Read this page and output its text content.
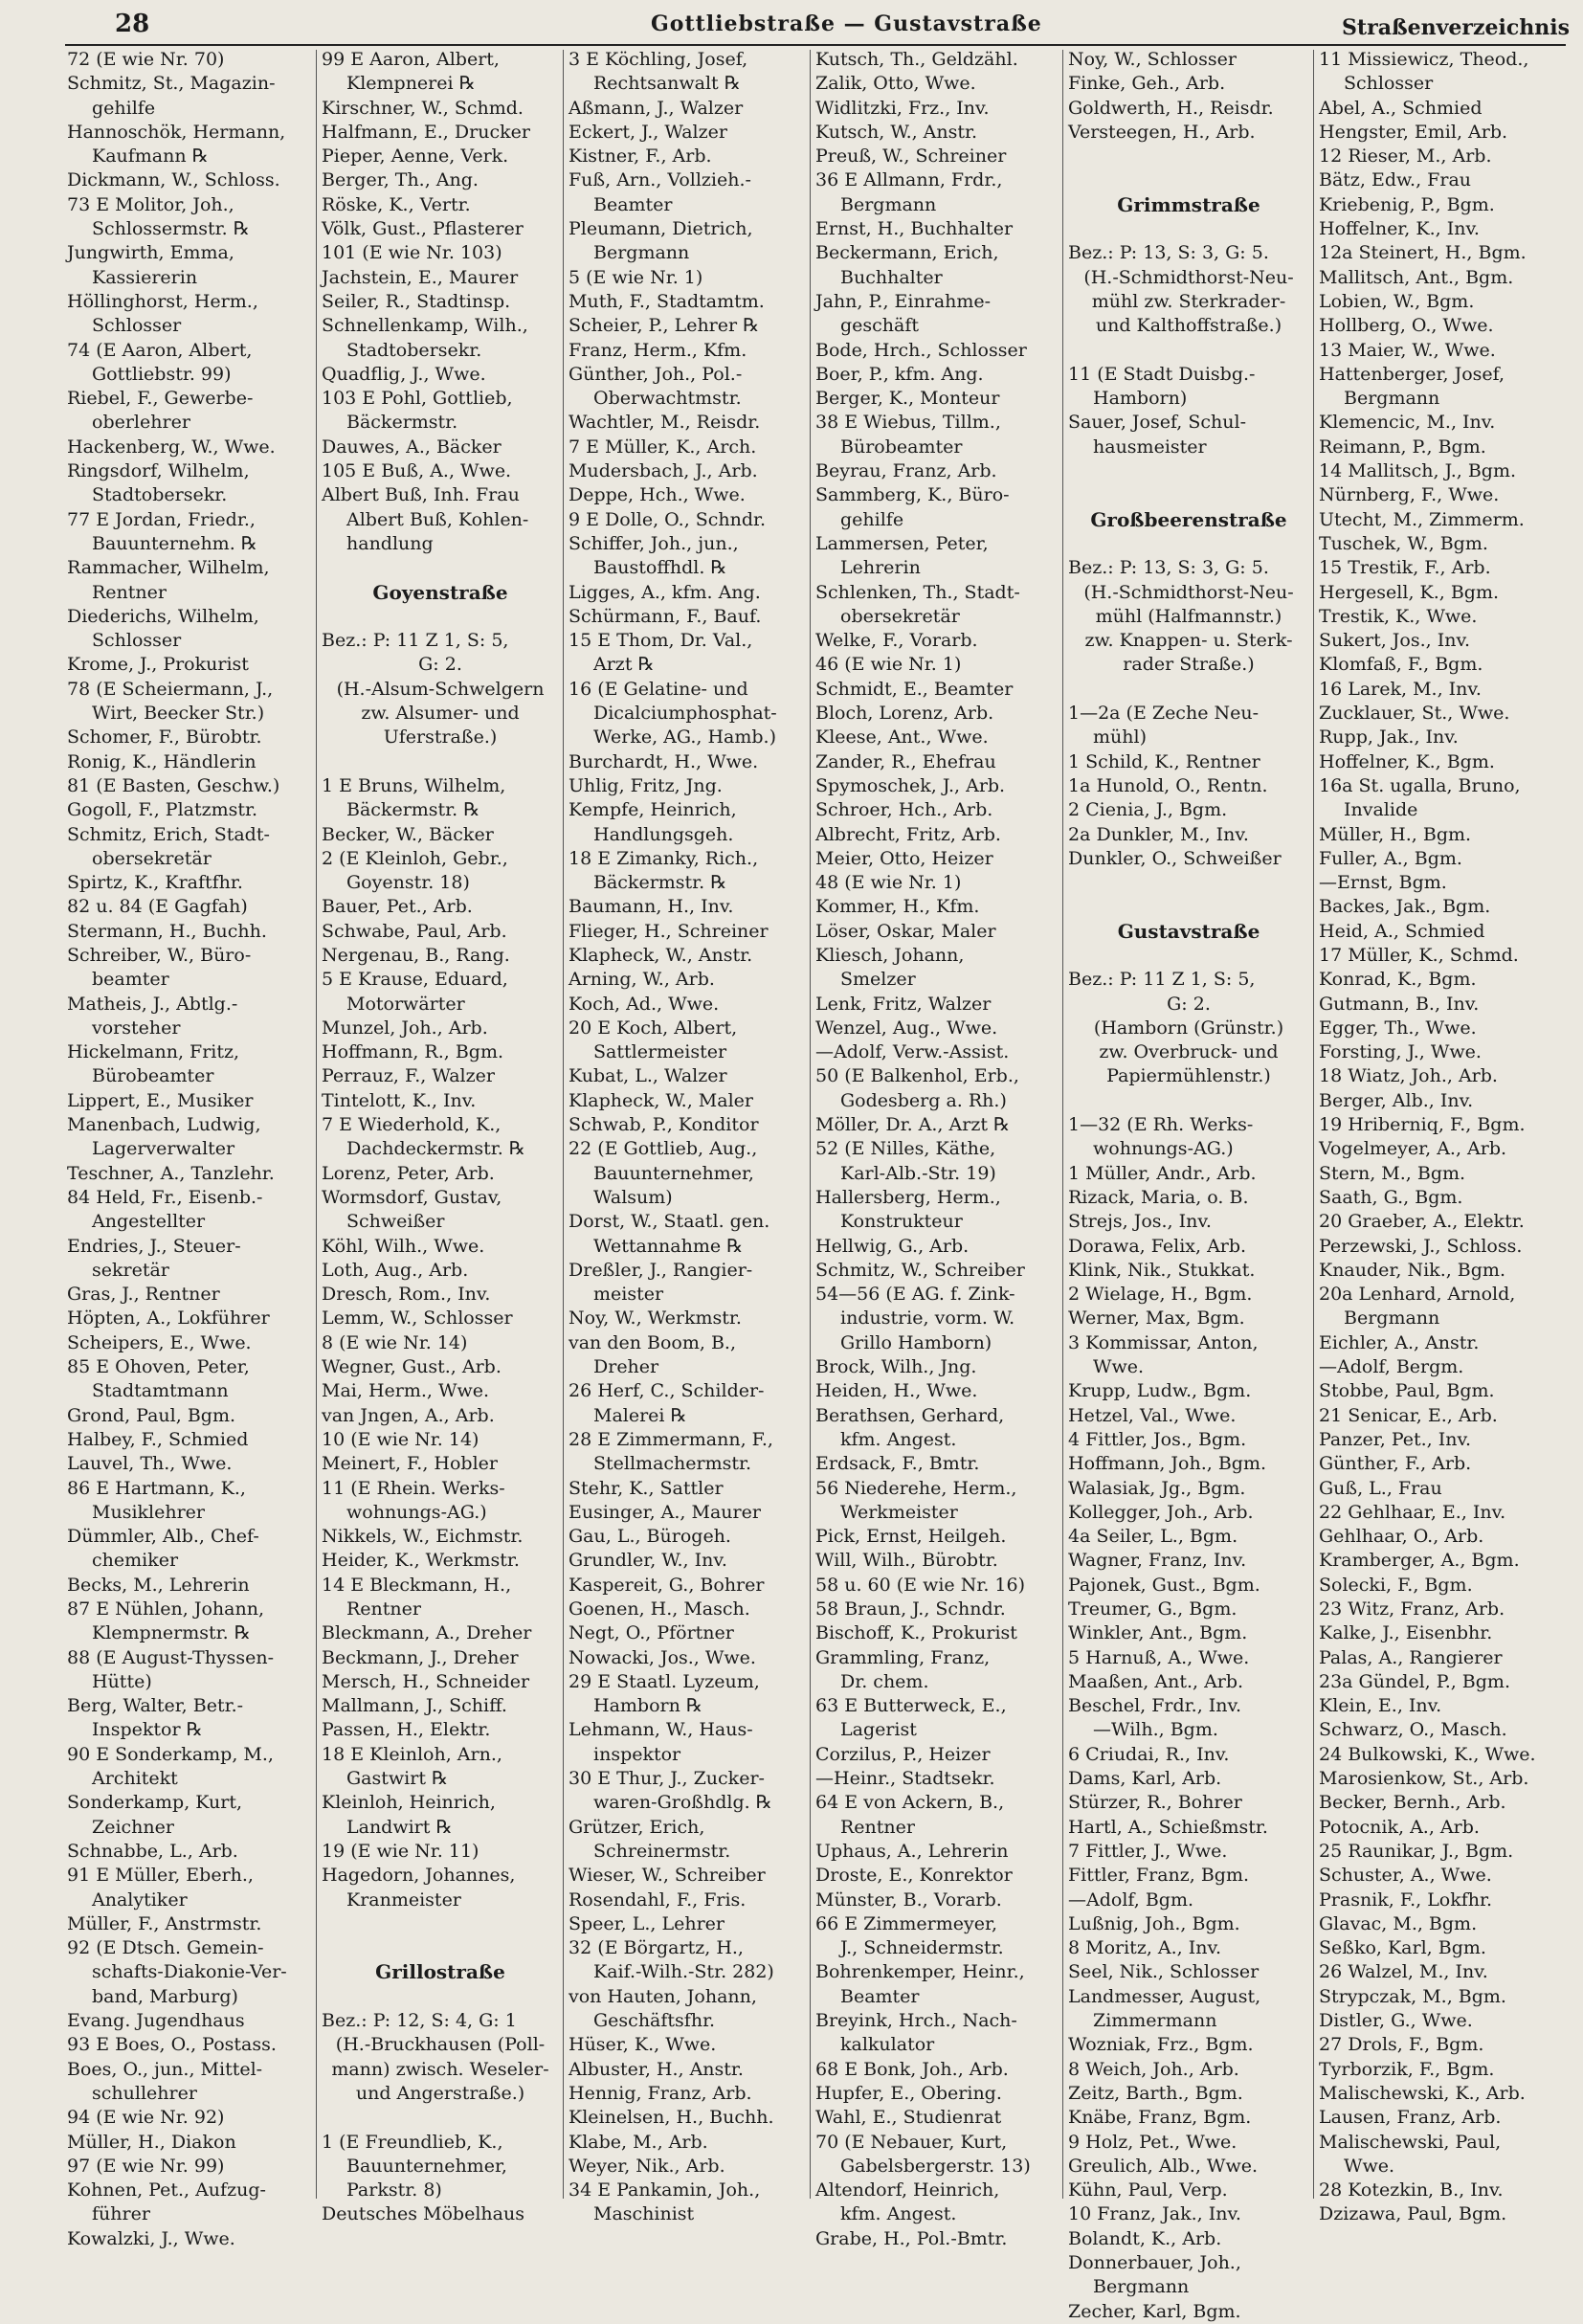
28	Gottliebstraße — Gustavstraße	Straßenverzeichnis
72 (E wie Nr. 70)
Schmitz, St., Magazin-
gehilfe
Hannoschök, Hermann,
Kaufmann ℞
Dickmann, W., Schloss.
73 E Molitor, Joh.,
Schlossermstr. ℞
Jungwirth, Emma,
Kassiererin
Höllinghorst, Herm.,
Schlosser
74 (E Aaron, Albert,
Gottliebstr. 99)
Riebel, F., Gewerbe-
oberlehrer
Hackenberg, W., Wwe.
Ringsdorf, Wilhelm,
Stadtobersekr.
77 E Jordan, Friedr.,
Bauunternehm. ℞
Rammacher, Wilhelm,
Rentner
Diederichs, Wilhelm,
Schlosser
Krome, J., Prokurist
78 (E Scheiermann, J.,
Wirt, Beecker Str.)
Schomer, F., Bürobtr.
Ronig, K., Händlerin
81 (E Basten, Geschw.)
Gogoll, F., Platzmstr.
Schmitz, Erich, Stadt-
obersekretär
Spirtz, K., Kraftfhr.
82 u. 84 (E Gagfah)
Stermann, H., Buchh.
Schreiber, W., Büro-
beamter
Matheis, J., Abtlg.-
vorsteher
Hickelmann, Fritz,
Bürobeamter
Lippert, E., Musiker
Manenbach, Ludwig,
Lagerverwalter
Teschner, A., Tanzlehr.
84 Held, Fr., Eisenb.-
Angestellter
Endries, J., Steuer-
sekretär
Gras, J., Rentner
Höpten, A., Lokführer
Scheipers, E., Wwe.
85 E Ohoven, Peter,
Stadtamtmann
Grond, Paul, Bgm.
Halbey, F., Schmied
Lauvel, Th., Wwe.
86 E Hartmann, K.,
Musiklehrer
Dümmler, Alb., Chef-
chemiker
Becks, M., Lehrerin
87 E Nühlen, Johann,
Klempnermstr. ℞
88 (E August-Thyssen-
Hütte)
Berg, Walter, Betr.-
Inspektor ℞
90 E Sonderkamp, M.,
Architekt
Sonderkamp, Kurt,
Zeichner
Schnabbe, L., Arb.
91 E Müller, Eberh.,
Analytiker
Müller, F., Anstrmstr.
92 (E Dtsch. Gemein-
schafts-Diakonie-Ver-
band, Marburg)
Evang. Jugendhaus
93 E Boes, O., Postass.
Boes, O., jun., Mittel-
schullehrer
94 (E wie Nr. 92)
Müller, H., Diakon
97 (E wie Nr. 99)
Kohnen, Pet., Aufzug-
führer
Kowalzki, J., Wwe.
99 E Aaron, Albert,
Klempnerei ℞
Kirschner, W., Schmd.
Halfmann, E., Drucker
Pieper, Aenne, Verk.
Berger, Th., Ang.
Röske, K., Vertr.
Völk, Gust., Pflasterer
101 (E wie Nr. 103)
Jachstein, E., Maurer
Seiler, R., Stadtinsp.
Schnellenkamp, Wilh.,
Stadtobersekr.
Quadflig, J., Wwe.
103 E Pohl, Gottlieb,
Bäckermstr.
Dauwes, A., Bäcker
105 E Buß, A., Wwe.
Albert Buß, Inh. Frau
Albert Buß, Kohlen-
handlung
Goyenstraße
Bez.: P: 11 Z 1, S: 5,
G: 2.
(H.-Alsum-Schwelgern
zw. Alsumer- und
Uferstraße.)
1 E Bruns, Wilhelm,
Bäckermstr. ℞
Becker, W., Bäcker
2 (E Kleinloh, Gebr.,
Goyenstr. 18)
Bauer, Pet., Arb.
Schwabe, Paul, Arb.
Nergenau, B., Rang.
5 E Krause, Eduard,
Motorwärter
Munzel, Joh., Arb.
Hoffmann, R., Bgm.
Perrauz, F., Walzer
Tintelott, K., Inv.
7 E Wiederhold, K.,
Dachdeckermstr. ℞
Lorenz, Peter, Arb.
Wormsdorf, Gustav,
Schweißer
Köhl, Wilh., Wwe.
Loth, Aug., Arb.
Dresch, Rom., Inv.
Lemm, W., Schlosser
8 (E wie Nr. 14)
Wegner, Gust., Arb.
Mai, Herm., Wwe.
van Jngen, A., Arb.
10 (E wie Nr. 14)
Meinert, F., Hobler
11 (E Rhein. Werks-
wohnungs-AG.)
Nikkels, W., Eichmstr.
Heider, K., Werkmstr.
14 E Bleckmann, H.,
Rentner
Bleckmann, A., Dreher
Beckmann, J., Dreher
Mersch, H., Schneider
Mallmann, J., Schiff.
Passen, H., Elektr.
18 E Kleinloh, Arn.,
Gastwirt ℞
Kleinloh, Heinrich,
Landwirt ℞
19 (E wie Nr. 11)
Hagedorn, Johannes,
Kranmeister
Grillostraße
Bez.: P: 12, S: 4, G: 1
(H.-Bruckhausen (Poll-
mann) zwisch. Weseler-
und Angerstraße.)
1 (E Freundlieb, K.,
Bauunternehmer,
Parkstr. 8)
Deutsches Möbelhaus
3 E Köchling, Josef,
Rechtsanwalt ℞
Aßmann, J., Walzer
Eckert, J., Walzer
Kistner, F., Arb.
Fuß, Arn., Vollzieh.-
Beamter
Pleumann, Dietrich,
Bergmann
5 (E wie Nr. 1)
Muth, F., Stadtamtm.
Scheier, P., Lehrer ℞
Franz, Herm., Kfm.
Günther, Joh., Pol.-
Oberwachtmstr.
Wachtler, M., Reisdr.
7 E Müller, K., Arch.
Mudersbach, J., Arb.
Deppe, Hch., Wwe.
9 E Dolle, O., Schndr.
Schiffer, Joh., jun.,
Baustoffhdl. ℞
Ligges, A., kfm. Ang.
Schürmann, F., Bauf.
15 E Thom, Dr. Val.,
Arzt ℞
16 (E Gelatine- und
Dicalciumphosphat-
Werke, AG., Hamb.)
Burchardt, H., Wwe.
Uhlig, Fritz, Jng.
Kempfe, Heinrich,
Handlungsgeh.
18 E Zimanky, Rich.,
Bäckermstr. ℞
Baumann, H., Inv.
Flieger, H., Schreiner
Klapheck, W., Anstr.
Arning, W., Arb.
Koch, Ad., Wwe.
20 E Koch, Albert,
Sattlermeister
Kubat, L., Walzer
Klapheck, W., Maler
Schwab, P., Konditor
22 (E Gottlieb, Aug.,
Bauunternehmer,
Walsum)
Dorst, W., Staatl. gen.
Wettannahme ℞
Dreßler, J., Rangier-
meister
Noy, W., Werkmstr.
van den Boom, B.,
Dreher
26 Herf, C., Schilder-
Malerei ℞
28 E Zimmermann, F.,
Stellmachermstr.
Stehr, K., Sattler
Eusinger, A., Maurer
Gau, L., Bürogeh.
Grundler, W., Inv.
Kaspereit, G., Bohrer
Goenen, H., Masch.
Negt, O., Pförtner
Nowacki, Jos., Wwe.
29 E Staatl. Lyzeum,
Hamborn ℞
Lehmann, W., Haus-
inspektor
30 E Thur, J., Zucker-
waren-Großhdlg. ℞
Grützer, Erich,
Schreinermstr.
Wieser, W., Schreiber
Rosendahl, F., Fris.
Speer, L., Lehrer
32 (E Börgartz, H.,
Kaif.-Wilh.-Str. 282)
von Hauten, Johann,
Geschäftsfhr.
Hüser, K., Wwe.
Albuster, H., Anstr.
Hennig, Franz, Arb.
Kleinelsen, H., Buchh.
Klabe, M., Arb.
Weyer, Nik., Arb.
34 E Pankamin, Joh.,
Maschinist
Kutsch, Th., Geldzähl.
Zalik, Otto, Wwe.
Widlitzki, Frz., Inv.
Kutsch, W., Anstr.
Preuß, W., Schreiner
36 E Allmann, Frdr.,
Bergmann
Ernst, H., Buchhalter
Beckermann, Erich,
Buchhalter
Jahn, P., Einrahme-
geschäft
Bode, Hrch., Schlosser
Boer, P., kfm. Ang.
Berger, K., Monteur
38 E Wiebus, Tillm.,
Bürobeamter
Beyrau, Franz, Arb.
Sammberg, K., Büro-
gehilfe
Lammersen, Peter,
Lehrerin
Schlenken, Th., Stadt-
obersekretär
Welke, F., Vorarb.
46 (E wie Nr. 1)
Schmidt, E., Beamter
Bloch, Lorenz, Arb.
Kleese, Ant., Wwe.
Zander, R., Ehefrau
Spymoschek, J., Arb.
Schroer, Hch., Arb.
Albrecht, Fritz, Arb.
Meier, Otto, Heizer
48 (E wie Nr. 1)
Kommer, H., Kfm.
Löser, Oskar, Maler
Kliesch, Johann,
Smelzer
Lenk, Fritz, Walzer
Wenzel, Aug., Wwe.
—Adolf, Verw.-Assist.
50 (E Balkenhol, Erb.,
Godesberg a. Rh.)
Möller, Dr. A., Arzt ℞
52 (E Nilles, Käthe,
Karl-Alb.-Str. 19)
Hallersberg, Herm.,
Konstrukteur
Hellwig, G., Arb.
Schmitz, W., Schreiber
54—56 (E AG. f. Zink-
industrie, vorm. W.
Grillo Hamborn)
Brock, Wilh., Jng.
Heiden, H., Wwe.
Berathsen, Gerhard,
kfm. Angest.
Erdsack, F., Bmtr.
56 Niederehe, Herm.,
Werkmeister
Pick, Ernst, Heilgeh.
Will, Wilh., Bürobtr.
58 u. 60 (E wie Nr. 16)
58 Braun, J., Schndr.
Bischoff, K., Prokurist
Grammling, Franz,
Dr. chem.
63 E Butterweck, E.,
Lagerist
Corzilus, P., Heizer
—Heinr., Stadtsekr.
64 E von Ackern, B.,
Rentner
Uphaus, A., Lehrerin
Droste, E., Konrektor
Münster, B., Vorarb.
66 E Zimmermeyer,
J., Schneidermstr.
Bohrenkemper, Heinr.,
Beamter
Breyink, Hrch., Nach-
kalkulator
68 E Bonk, Joh., Arb.
Hupfer, E., Obering.
Wahl, E., Studienrat
70 (E Nebauer, Kurt,
Gabelsbergerstr. 13)
Altendorf, Heinrich,
kfm. Angest.
Grabe, H., Pol.-Bmtr.
Noy, W., Schlosser
Finke, Geh., Arb.
Goldwerth, H., Reisdr.
Versteegen, H., Arb.
Grimmstraße
Bez.: P: 13, S: 3, G: 5.
(H.-Schmidthorst-Neu-
mühl zw. Sterkrader-
und Kalthoffstraße.)
11 (E Stadt Duisbg.-
Hamborn)
Sauer, Josef, Schul-
hausmeister
Großbeerenstraße
Bez.: P: 13, S: 3, G: 5.
(H.-Schmidthorst-Neu-
mühl (Halfmannstr.)
zw. Knappen- u. Sterk-
rader Straße.)
1—2a (E Zeche Neu-
mühl)
1 Schild, K., Rentner
1a Hunold, O., Rentn.
2 Cienia, J., Bgm.
2a Dunkler, M., Inv.
Dunkler, O., Schweißer
Gustavstraße
Bez.: P: 11 Z 1, S: 5,
G: 2.
(Hamborn (Grünstr.)
zw. Overbruck- und
Papiermühlenstr.)
1—32 (E Rh. Werks-
wohnungs-AG.)
1 Müller, Andr., Arb.
Rizack, Maria, o. B.
Strejs, Jos., Inv.
Dorawa, Felix, Arb.
Klink, Nik., Stukkat.
2 Wielage, H., Bgm.
Werner, Max, Bgm.
3 Kommissar, Anton,
Wwe.
Krupp, Ludw., Bgm.
Hetzel, Val., Wwe.
4 Fittler, Jos., Bgm.
Hoffmann, Joh., Bgm.
Walasiak, Jg., Bgm.
Kollegger, Joh., Arb.
4a Seiler, L., Bgm.
Wagner, Franz, Inv.
Pajonek, Gust., Bgm.
Treumer, G., Bgm.
Winkler, Ant., Bgm.
5 Harnuß, A., Wwe.
Maaßen, Ant., Arb.
Beschel, Frdr., Inv.
—Wilh., Bgm.
6 Criudai, R., Inv.
Dams, Karl, Arb.
Stürzer, R., Bohrer
Hartl, A., Schießmstr.
7 Fittler, J., Wwe.
Fittler, Franz, Bgm.
—Adolf, Bgm.
Lußnig, Joh., Bgm.
8 Moritz, A., Inv.
Seel, Nik., Schlosser
Landmesser, August,
Zimmermann
Wozniak, Frz., Bgm.
8 Weich, Joh., Arb.
Zeitz, Barth., Bgm.
Knäbe, Franz, Bgm.
9 Holz, Pet., Wwe.
Greulich, Alb., Wwe.
Kühn, Paul, Verp.
10 Franz, Jak., Inv.
Bolandt, K., Arb.
Donnerbauer, Joh.,
Bergmann
Zecher, Karl, Bgm.
11 Missiewicz, Theod.,
Schlosser
Abel, A., Schmied
Hengster, Emil, Arb.
12 Rieser, M., Arb.
Bätz, Edw., Frau
Kriebenig, P., Bgm.
Hoffelner, K., Inv.
12a Steinert, H., Bgm.
Mallitsch, Ant., Bgm.
Lobien, W., Bgm.
Hollberg, O., Wwe.
13 Maier, W., Wwe.
Hattenberger, Josef,
Bergmann
Klemencic, M., Inv.
Reimann, P., Bgm.
14 Mallitsch, J., Bgm.
Nürnberg, F., Wwe.
Utecht, M., Zimmerm.
Tuschek, W., Bgm.
15 Trestik, F., Arb.
Hergesell, K., Bgm.
Trestik, K., Wwe.
Sukert, Jos., Inv.
Klomfaß, F., Bgm.
16 Larek, M., Inv.
Zucklauer, St., Wwe.
Rupp, Jak., Inv.
Hoffelner, K., Bgm.
16a St. ugalla, Bruno,
Invalide
Müller, H., Bgm.
Fuller, A., Bgm.
—Ernst, Bgm.
Backes, Jak., Bgm.
Heid, A., Schmied
17 Müller, K., Schmd.
Konrad, K., Bgm.
Gutmann, B., Inv.
Egger, Th., Wwe.
Forsting, J., Wwe.
18 Wiatz, Joh., Arb.
Berger, Alb., Inv.
19 Hriberniq, F., Bgm.
Vogelmeyer, A., Arb.
Stern, M., Bgm.
Saath, G., Bgm.
20 Graeber, A., Elektr.
Perzewski, J., Schloss.
Knauder, Nik., Bgm.
20a Lenhard, Arnold,
Bergmann
Eichler, A., Anstr.
—Adolf, Bergm.
Stobbe, Paul, Bgm.
21 Senicar, E., Arb.
Panzer, Pet., Inv.
Günther, F., Arb.
Guß, L., Frau
22 Gehlhaar, E., Inv.
Gehlhaar, O., Arb.
Kramberger, A., Bgm.
Solecki, F., Bgm.
23 Witz, Franz, Arb.
Kalke, J., Eisenbhr.
Palas, A., Rangierer
23a Gündel, P., Bgm.
Klein, E., Inv.
Schwarz, O., Masch.
24 Bulkowski, K., Wwe.
Marosienkow, St., Arb.
Becker, Bernh., Arb.
Potocnik, A., Arb.
25 Raunikar, J., Bgm.
Schuster, A., Wwe.
Prasnik, F., Lokfhr.
Glavac, M., Bgm.
Seßko, Karl, Bgm.
26 Walzel, M., Inv.
Strypczak, M., Bgm.
Distler, G., Wwe.
27 Drols, F., Bgm.
Tyrborzik, F., Bgm.
Malischewski, K., Arb.
Lausen, Franz, Arb.
Malischewski, Paul,
Wwe.
28 Kotezkin, B., Inv.
Dzizawa, Paul, Bgm.
